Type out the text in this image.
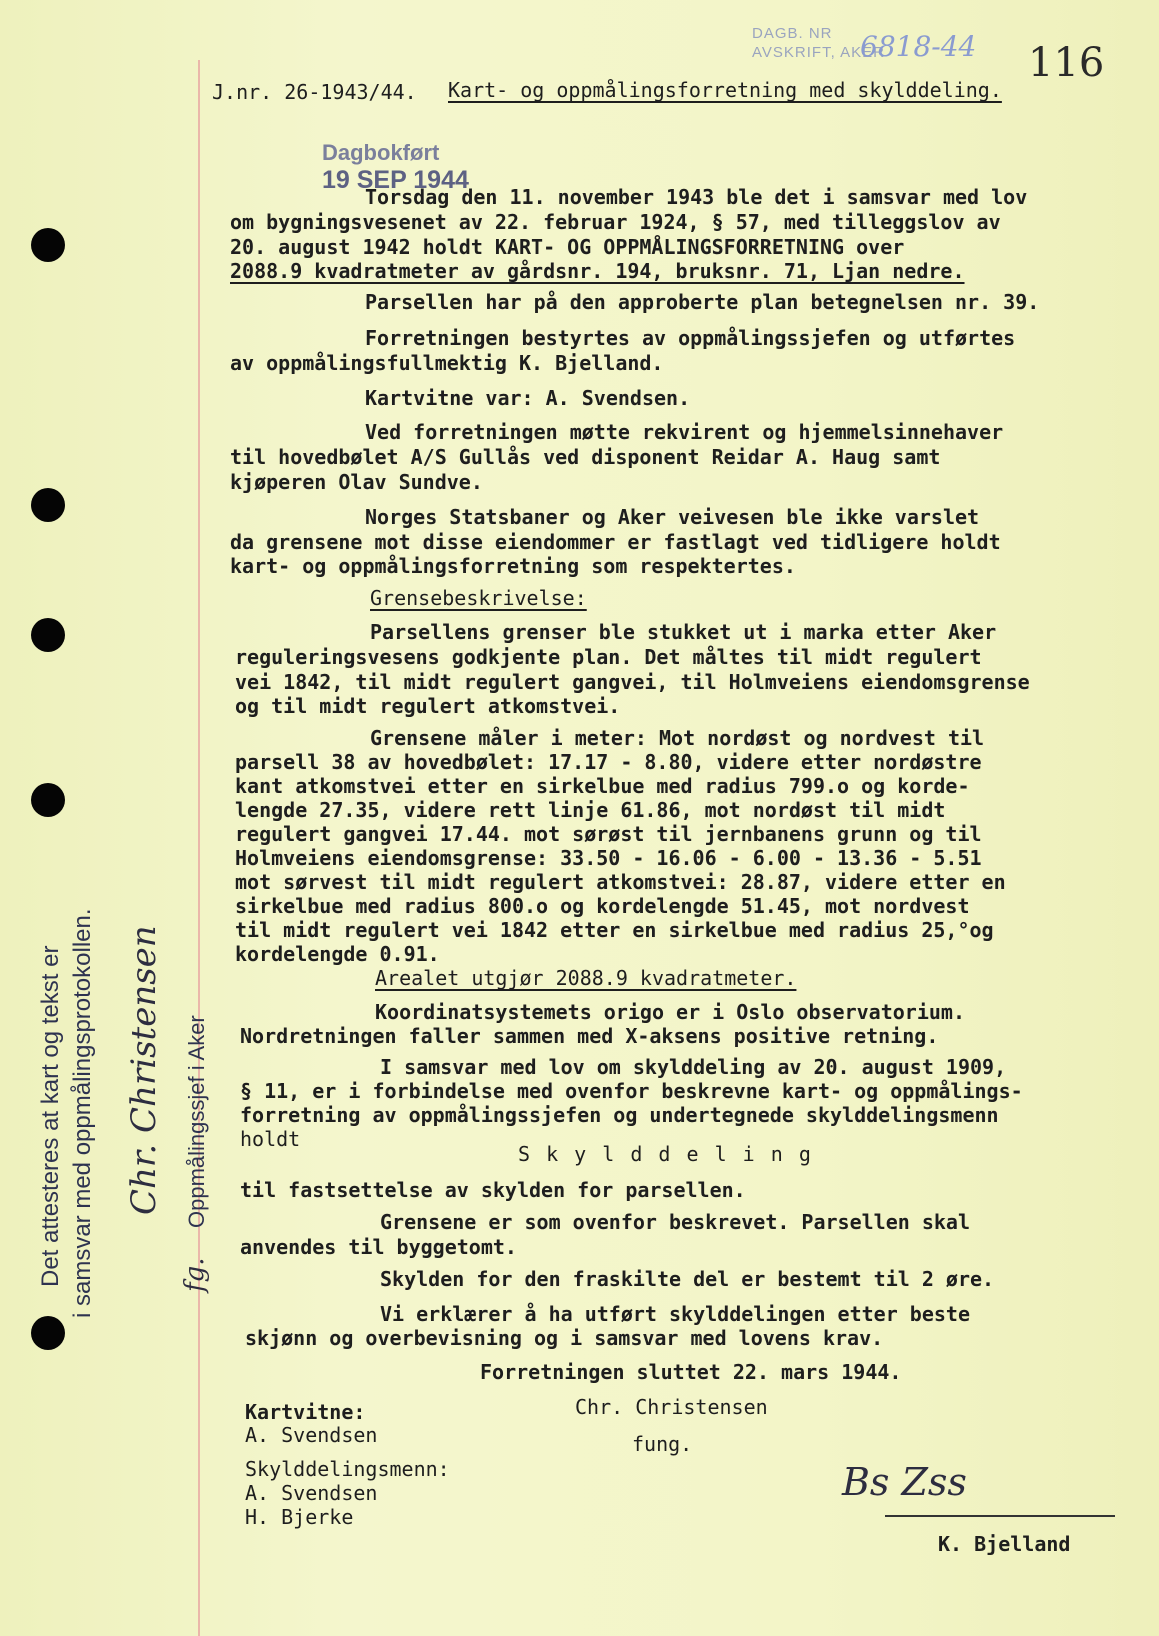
DAGB. NR
AVSKRIFT, AKER
6818-44 116
Dagbokført
19 SEP 1944
J.nr. 26-1943/44. Kart- og oppmålingsforretning med skylddeling.
Torsdag den 11. november 1943 ble det i samsvar med lov
om bygningsvesenet av 22. februar 1924, § 57, med tilleggslov av
20. august 1942 holdt KART- OG OPPMÅLINGSFORRETNING over
2088.9 kvadratmeter av gårdsnr. 194, bruksnr. 71, Ljan nedre.
Parsellen har på den approberte plan betegnelsen nr. 39.
Forretningen bestyrtes av oppmålingssjefen og utførtes
av oppmålingsfullmektig K. Bjelland.
Kartvitne var: A. Svendsen.
Ved forretningen møtte rekvirent og hjemmelsinnehaver
til hovedbølet A/S Gullås ved disponent Reidar A. Haug samt
kjøperen Olav Sundve.
Norges Statsbaner og Aker veivesen ble ikke varslet
da grensene mot disse eiendommer er fastlagt ved tidligere holdt
kart- og oppmålingsforretning som respektertes.
Grensebeskrivelse:
Parsellens grenser ble stukket ut i marka etter Aker
reguleringsvesens godkjente plan. Det måltes til midt regulert
vei 1842, til midt regulert gangvei, til Holmveiens eiendomsgrense
og til midt regulert atkomstvei.
Grensene måler i meter: Mot nordøst og nordvest til
parsell 38 av hovedbølet: 17.17 - 8.80, videre etter nordøstre
kant atkomstvei etter en sirkelbue med radius 799.o og korde-
lengde 27.35, videre rett linje 61.86, mot nordøst til midt
regulert gangvei 17.44. mot sørøst til jernbanens grunn og til
Holmveiens eiendomsgrense: 33.50 - 16.06 - 6.00 - 13.36 - 5.51
mot sørvest til midt regulert atkomstvei: 28.87, videre etter en
sirkelbue med radius 800.o og kordelengde 51.45, mot nordvest
til midt regulert vei 1842 etter en sirkelbue med radius 25,°og
kordelengde 0.91.
Arealet utgjør 2088.9 kvadratmeter.
Koordinatsystemets origo er i Oslo observatorium.
Nordretningen faller sammen med X-aksens positive retning.
I samsvar med lov om skylddeling av 20. august 1909,
§ 11, er i forbindelse med ovenfor beskrevne kart- og oppmålings-
forretning av oppmålingssjefen og undertegnede skylddelingsmenn
holdt
S k y l d d e l i n g
til fastsettelse av skylden for parsellen.
Grensene er som ovenfor beskrevet. Parsellen skal
anvendes til byggetomt.
Skylden for den fraskilte del er bestemt til 2 øre.
Vi erklærer å ha utført skylddelingen etter beste
skjønn og overbevisning og i samsvar med lovens krav.
Forretningen sluttet 22. mars 1944.
Kartvitne:
A. Svendsen
Skylddelingsmenn:
A. Svendsen
H. Bjerke
Chr. Christensen
fung.
Bs Zss
K. Bjelland
Det attesteres at kart og tekst er i samsvar med oppmålingsprotokollen. Chr. Christensen
fg.
Oppmålingssjef i Aker
